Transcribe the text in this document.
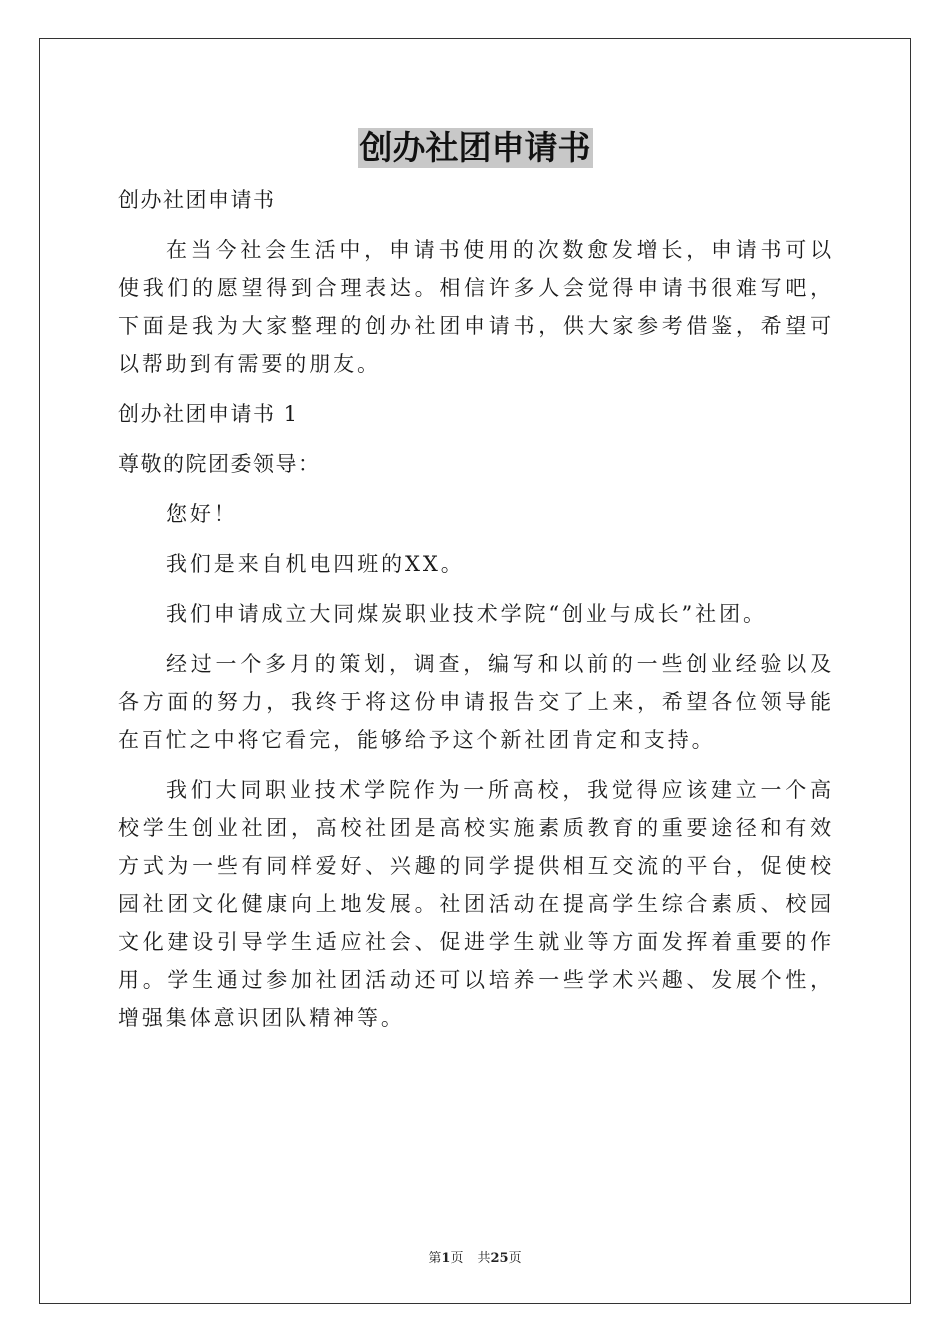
创办社团申请书

创办社团申请书

在当今社会生活中，申请书使用的次数愈发增长，申请书可以使我们的愿望得到合理表达。相信许多人会觉得申请书很难写吧，下面是我为大家整理的创办社团申请书，供大家参考借鉴，希望可以帮助到有需要的朋友。

创办社团申请书 1

尊敬的院团委领导：

您好！

我们是来自机电四班的XX。

我们申请成立大同煤炭职业技术学院“创业与成长”社团。

经过一个多月的策划，调查，编写和以前的一些创业经验以及各方面的努力，我终于将这份申请报告交了上来，希望各位领导能在百忙之中将它看完，能够给予这个新社团肯定和支持。

我们大同职业技术学院作为一所高校，我觉得应该建立一个高校学生创业社团，高校社团是高校实施素质教育的重要途径和有效方式为一些有同样爱好、兴趣的同学提供相互交流的平台，促使校园社团文化健康向上地发展。社团活动在提高学生综合素质、校园文化建设引导学生适应社会、促进学生就业等方面发挥着重要的作用。学生通过参加社团活动还可以培养一些学术兴趣、发展个性，增强集体意识团队精神等。

第1页 共25页
